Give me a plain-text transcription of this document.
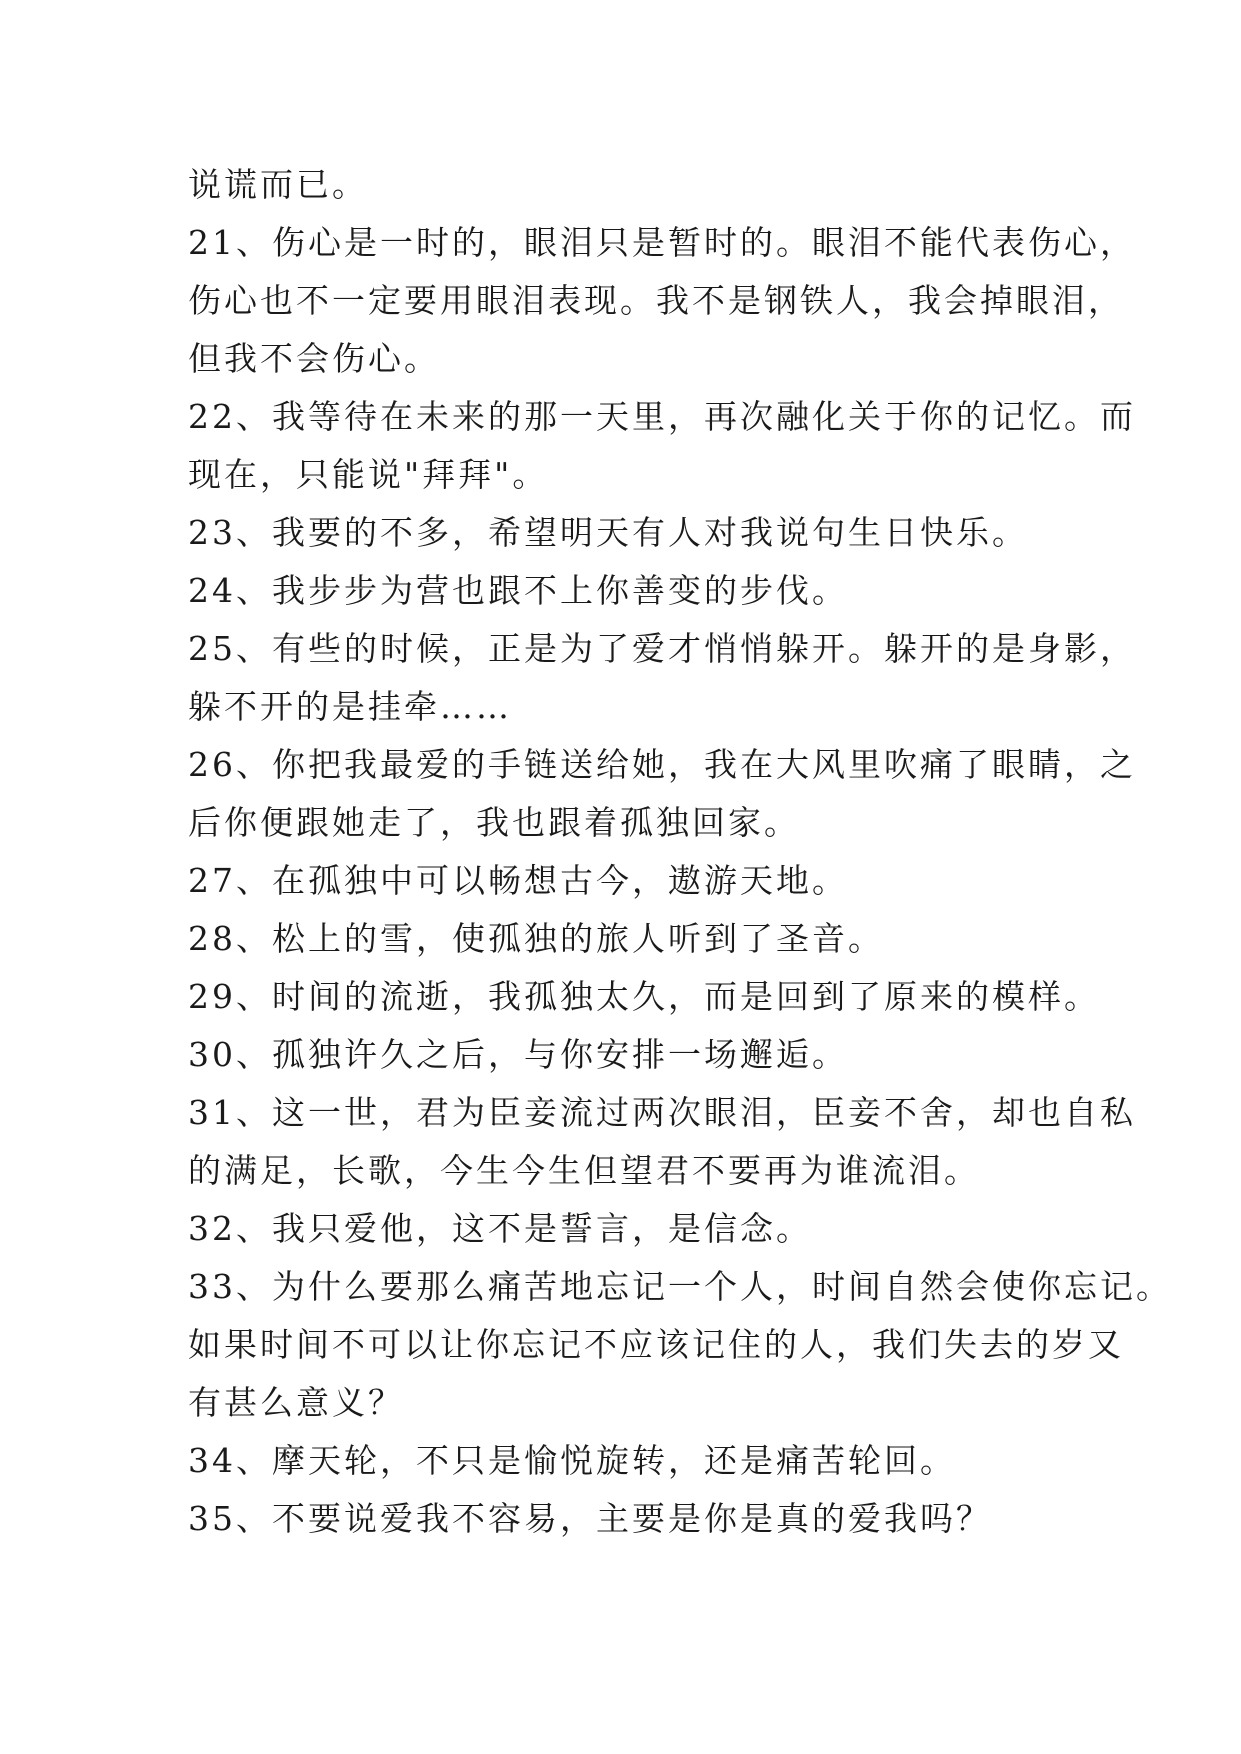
说谎而已。
21、伤心是一时的，眼泪只是暂时的。眼泪不能代表伤心，
伤心也不一定要用眼泪表现。我不是钢铁人，我会掉眼泪，
但我不会伤心。
22、我等待在未来的那一天里，再次融化关于你的记忆。而
现在，只能说"拜拜"。
23、我要的不多，希望明天有人对我说句生日快乐。
24、我步步为营也跟不上你善变的步伐。
25、有些的时候，正是为了爱才悄悄躲开。躲开的是身影，
躲不开的是挂牵……
26、你把我最爱的手链送给她，我在大风里吹痛了眼睛，之
后你便跟她走了，我也跟着孤独回家。
27、在孤独中可以畅想古今，遨游天地。
28、松上的雪，使孤独的旅人听到了圣音。
29、时间的流逝，我孤独太久，而是回到了原来的模样。
30、孤独许久之后，与你安排一场邂逅。
31、这一世，君为臣妾流过两次眼泪，臣妾不舍，却也自私
的满足，长歌，今生今生但望君不要再为谁流泪。
32、我只爱他，这不是誓言，是信念。
33、为什么要那么痛苦地忘记一个人，时间自然会使你忘记。
如果时间不可以让你忘记不应该记住的人，我们失去的岁又
有甚么意义？
34、摩天轮，不只是愉悦旋转，还是痛苦轮回。
35、不要说爱我不容易，主要是你是真的爱我吗？
